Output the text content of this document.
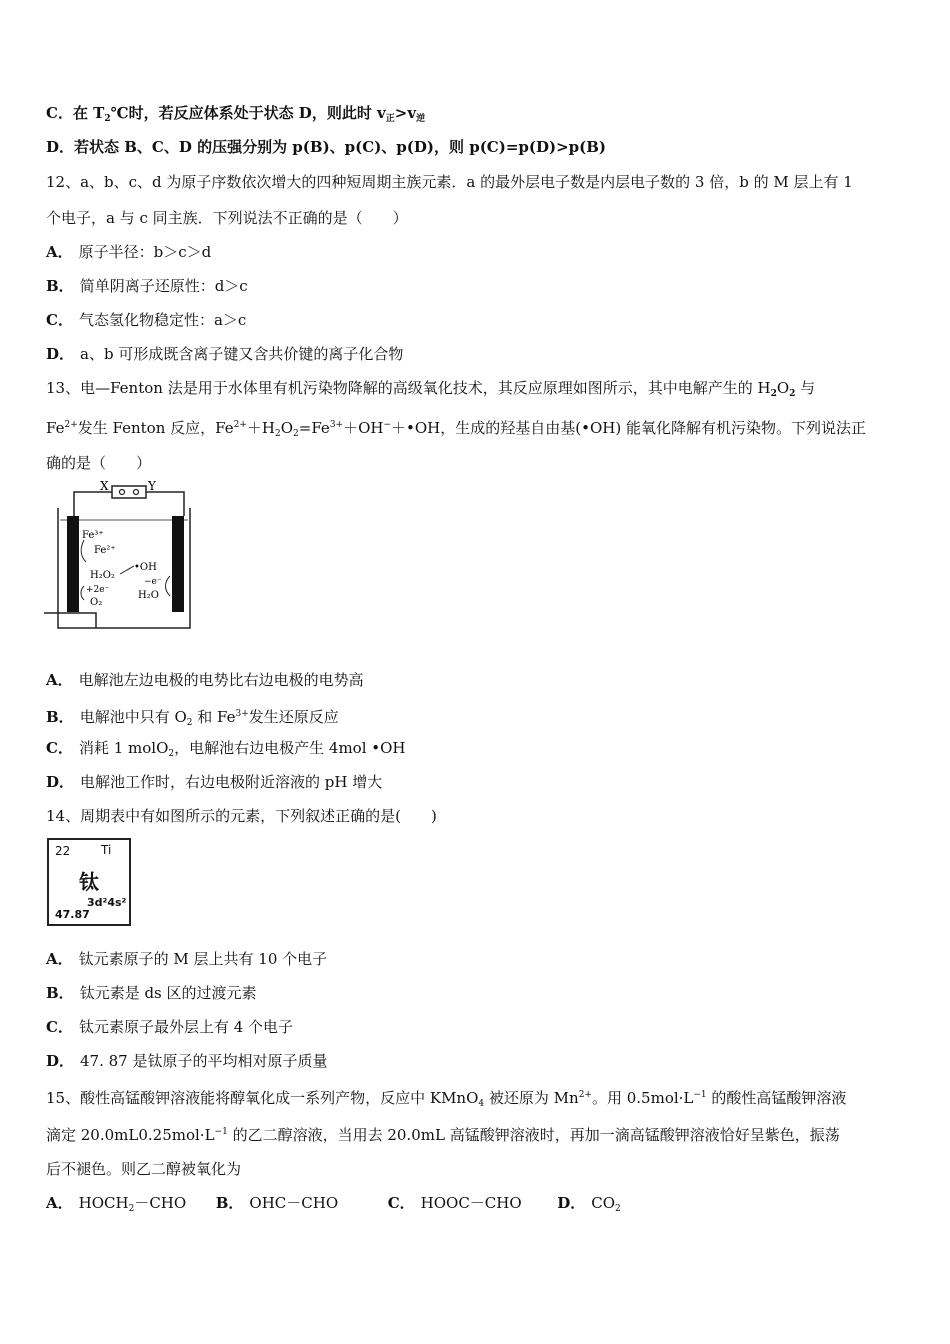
C．在 $T_2℃$时，若反应体系处于状态 D，则此时 $v_正>v_逆$
D．若状态 B、C、D 的压强分别为 p(B)、p(C)、p(D)，则 p(C)=p(D)>p(B)
12、a、b、c、d 为原子序数依次增大的四种短周期主族元素．a 的最外层电子数是内层电子数的 3 倍，b 的 M 层上有 1
个电子，a 与 c 同主族．下列说法不正确的是（　　）
A． 原子半径：b＞c＞d
B． 简单阴离子还原性：d＞c
C． 气态氢化物稳定性：a＞c
D． a、b 可形成既含离子键又含共价键的离子化合物
13、电—Fenton 法是用于水体里有机污染物降解的高级氧化技术，其反应原理如图所示，其中电解产生的 $H_2O_2$ 与
$Fe^{2+}$发生 Fenton 反应，$Fe^{2+}+H_2O_2=Fe^{3+}+OH^-+•OH$，生成的羟基自由基(•OH) 能氧化降解有机污染物。下列说法正
确的是（　　）
X	Y
Fe³⁺
Fe²⁺
H₂O₂
+2e⁻
O₂
•OH
−e⁻
H₂O
A． 电解池左边电极的电势比右边电极的电势高
B． 电解池中只有 $O_2$ 和 $Fe^{3+}$发生还原反应
C． 消耗 1 molO$_2$，电解池右边电极产生 4mol •OH
D． 电解池工作时，右边电极附近溶液的 pH 增大
14、周期表中有如图所示的元素，下列叙述正确的是(　　)
22	Ti
钛
3d²4s²
47.87
A． 钛元素原子的 M 层上共有 10 个电子
B． 钛元素是 ds 区的过渡元素
C． 钛元素原子最外层上有 4 个电子
D． 47. 87 是钛原子的平均相对原子质量
15、酸性高锰酸钾溶液能将醇氧化成一系列产物，反应中 KMnO$_4$ 被还原为 $Mn^{2+}$。用 $0.5mol\cdot L^{-1}$ 的酸性高锰酸钾溶液
滴定 $20.0mL0.25mol\cdot L^{-1}$ 的乙二醇溶液，当用去 20.0mL 高锰酸钾溶液时，再加一滴高锰酸钾溶液恰好呈紫色，振荡
后不褪色。则乙二醇被氧化为
A． $HOCH_2-CHO$ B． OHC－CHO	C． HOOC－CHO D． $CO_2$
